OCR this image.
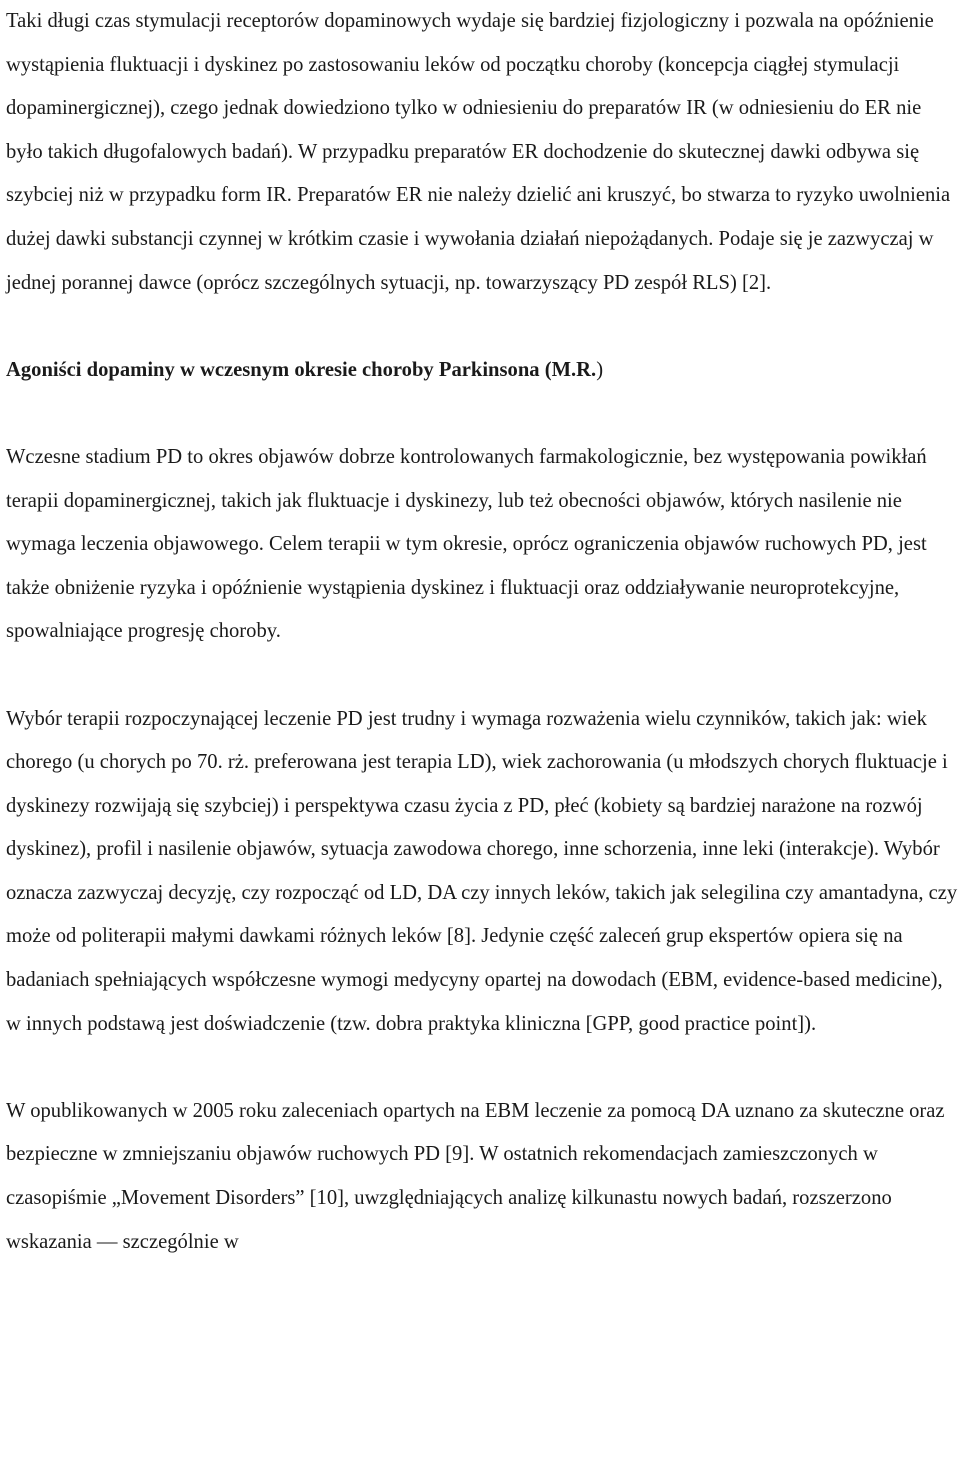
Taki długi czas stymulacji receptorów dopaminowych wydaje się bardziej fizjologiczny i pozwala na opóźnienie wystąpienia fluktuacji i dyskinez po zastosowaniu leków od początku choroby (koncepcja ciągłej stymulacji dopaminergicznej), czego jednak dowiedziono tylko w odniesieniu do preparatów IR (w odniesieniu do ER nie było takich długofalowych badań). W przypadku preparatów ER dochodzenie do skutecznej dawki odbywa się szybciej niż w przypadku form IR. Preparatów ER nie należy dzielić ani kruszyć, bo stwarza to ryzyko uwolnienia dużej dawki substancji czynnej w krótkim czasie i wywołania działań niepożądanych. Podaje się je zazwyczaj w jednej porannej dawce (oprócz szczególnych sytuacji, np. towarzyszący PD zespół RLS) [2].

Agoniści dopaminy w wczesnym okresie choroby Parkinsona (M.R.)

Wczesne stadium PD to okres objawów dobrze kontrolowanych farmakologicznie, bez występowania powikłań terapii dopaminergicznej, takich jak fluktuacje i dyskinezy, lub też obecności objawów, których nasilenie nie wymaga leczenia objawowego. Celem terapii w tym okresie, oprócz ograniczenia objawów ruchowych PD, jest także obniżenie ryzyka i opóźnienie wystąpienia dyskinez i fluktuacji oraz oddziaływanie neuroprotekcyjne, spowalniające progresję choroby.

Wybór terapii rozpoczynającej leczenie PD jest trudny i wymaga rozważenia wielu czynników, takich jak: wiek chorego (u chorych po 70. rż. preferowana jest terapia LD), wiek zachorowania (u młodszych chorych fluktuacje i dyskinezy rozwijają się szybciej) i perspektywa czasu życia z PD, płeć (kobiety są bardziej narażone na rozwój dyskinez), profil i nasilenie objawów, sytuacja zawodowa chorego, inne schorzenia, inne leki (interakcje). Wybór oznacza zazwyczaj decyzję, czy rozpocząć od LD, DA czy innych leków, takich jak selegilina czy amantadyna, czy może od politerapii małymi dawkami różnych leków [8]. Jedynie część zaleceń grup ekspertów opiera się na badaniach spełniających współczesne wymogi medycyny opartej na dowodach (EBM, evidence-based medicine), w innych podstawą jest doświadczenie (tzw. dobra praktyka kliniczna [GPP, good practice point]).

W opublikowanych w 2005 roku zaleceniach opartych na EBM leczenie za pomocą DA uznano za skuteczne oraz bezpieczne w zmniejszaniu objawów ruchowych PD [9]. W ostatnich rekomendacjach zamieszczonych w czasopiśmie „Movement Disorders” [10], uwzględniających analizę kilkunastu nowych badań, rozszerzono wskazania — szczególnie w
